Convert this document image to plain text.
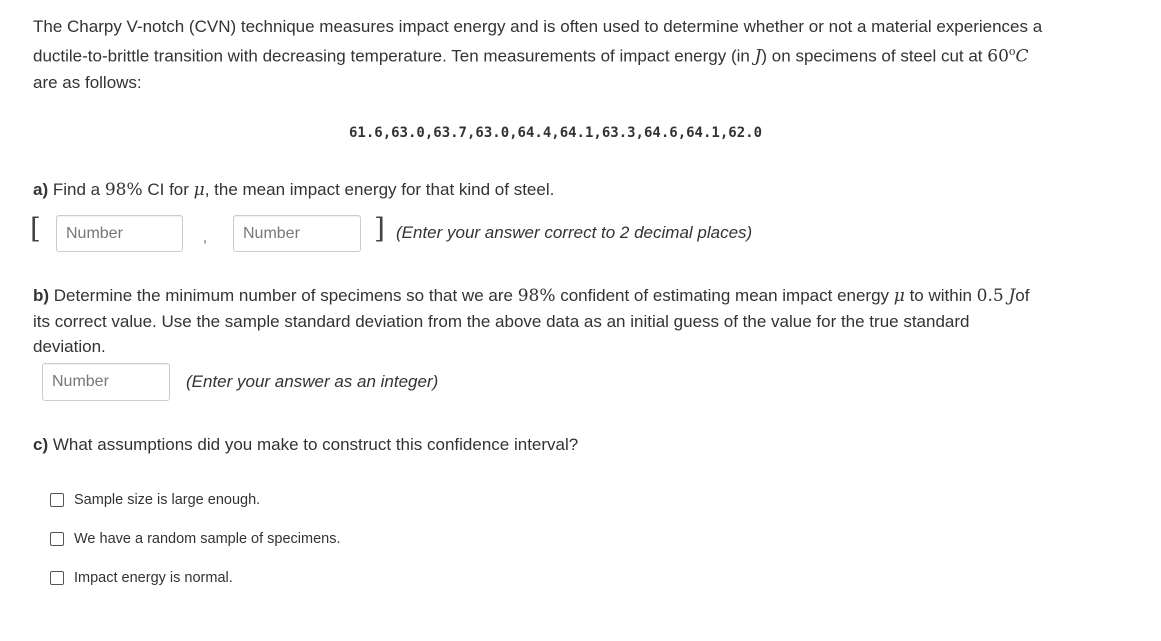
The Charpy V-notch (CVN) technique measures impact energy and is often used to determine whether or not a material experiences a
ductile-to-brittle transition with decreasing temperature. Ten measurements of impact energy (in J) on specimens of steel cut at 60$^o$C
are as follows:
61.6,63.0,63.7,63.0,64.4,64.1,63.3,64.6,64.1,62.0
a) Find a 98% CI for μ, the mean impact energy for that kind of steel.
[
Number	,
Number	] (Enter your answer correct to 2 decimal places)
b) Determine the minimum number of specimens so that we are 98% confident of estimating mean impact energy μ to within 0.5 Jof
its correct value. Use the sample standard deviation from the above data as an initial guess of the value for the true standard
deviation.
Number
(Enter your answer as an integer)
c) What assumptions did you make to construct this confidence interval?
Sample size is large enough.
We have a random sample of specimens.
Impact energy is normal.
